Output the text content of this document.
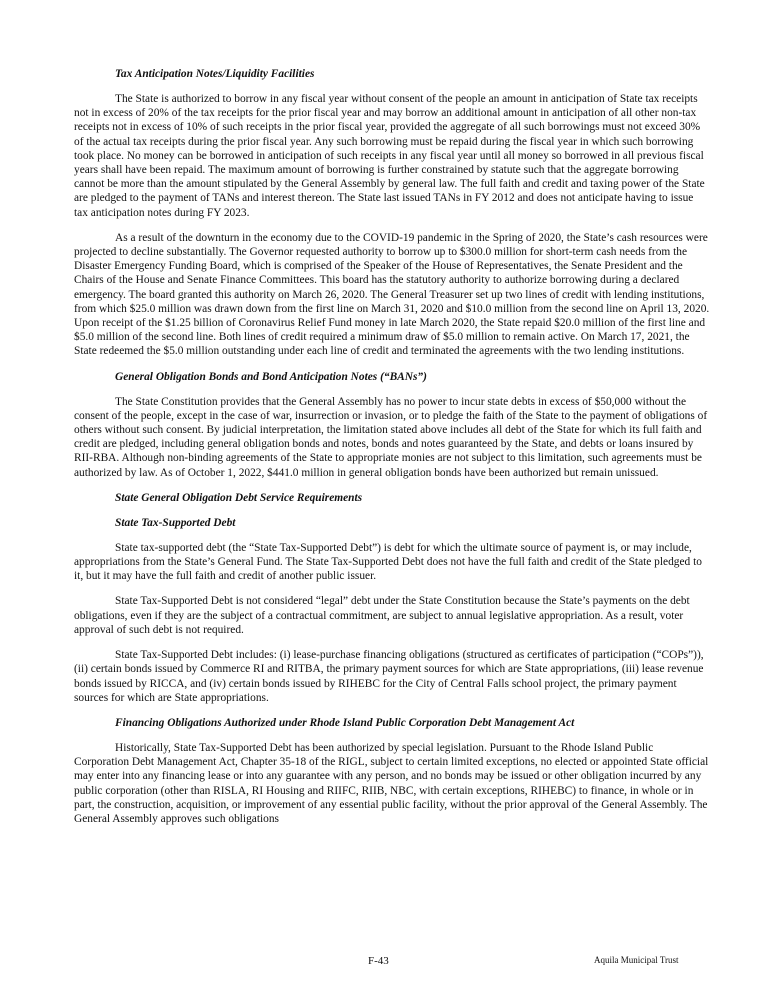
Tax Anticipation Notes/Liquidity Facilities

The State is authorized to borrow in any fiscal year without consent of the people an amount in anticipation of State tax receipts not in excess of 20% of the tax receipts for the prior fiscal year and may borrow an additional amount in anticipation of all other non-tax receipts not in excess of 10% of such receipts in the prior fiscal year, provided the aggregate of all such borrowings must not exceed 30% of the actual tax receipts during the prior fiscal year. Any such borrowing must be repaid during the fiscal year in which such borrowing took place. No money can be borrowed in anticipation of such receipts in any fiscal year until all money so borrowed in all previous fiscal years shall have been repaid. The maximum amount of borrowing is further constrained by statute such that the aggregate borrowing cannot be more than the amount stipulated by the General Assembly by general law. The full faith and credit and taxing power of the State are pledged to the payment of TANs and interest thereon. The State last issued TANs in FY 2012 and does not anticipate having to issue tax anticipation notes during FY 2023.

As a result of the downturn in the economy due to the COVID-19 pandemic in the Spring of 2020, the State’s cash resources were projected to decline substantially. The Governor requested authority to borrow up to $300.0 million for short-term cash needs from the Disaster Emergency Funding Board, which is comprised of the Speaker of the House of Representatives, the Senate President and the Chairs of the House and Senate Finance Committees. This board has the statutory authority to authorize borrowing during a declared emergency. The board granted this authority on March 26, 2020. The General Treasurer set up two lines of credit with lending institutions, from which $25.0 million was drawn down from the first line on March 31, 2020 and $10.0 million from the second line on April 13, 2020. Upon receipt of the $1.25 billion of Coronavirus Relief Fund money in late March 2020, the State repaid $20.0 million of the first line and $5.0 million of the second line. Both lines of credit required a minimum draw of $5.0 million to remain active. On March 17, 2021, the State redeemed the $5.0 million outstanding under each line of credit and terminated the agreements with the two lending institutions.

General Obligation Bonds and Bond Anticipation Notes (“BANs”)

The State Constitution provides that the General Assembly has no power to incur state debts in excess of $50,000 without the consent of the people, except in the case of war, insurrection or invasion, or to pledge the faith of the State to the payment of obligations of others without such consent. By judicial interpretation, the limitation stated above includes all debt of the State for which its full faith and credit are pledged, including general obligation bonds and notes, bonds and notes guaranteed by the State, and debts or loans insured by RII-RBA. Although non-binding agreements of the State to appropriate monies are not subject to this limitation, such agreements must be authorized by law. As of October 1, 2022, $441.0 million in general obligation bonds have been authorized but remain unissued.

State General Obligation Debt Service Requirements
State Tax-Supported Debt

State tax-supported debt (the “State Tax-Supported Debt”) is debt for which the ultimate source of payment is, or may include, appropriations from the State’s General Fund. The State Tax-Supported Debt does not have the full faith and credit of the State pledged to it, but it may have the full faith and credit of another public issuer.

State Tax-Supported Debt is not considered “legal” debt under the State Constitution because the State’s payments on the debt obligations, even if they are the subject of a contractual commitment, are subject to annual legislative appropriation. As a result, voter approval of such debt is not required.

State Tax-Supported Debt includes: (i) lease-purchase financing obligations (structured as certificates of participation (“COPs”)), (ii) certain bonds issued by Commerce RI and RITBA, the primary payment sources for which are State appropriations, (iii) lease revenue bonds issued by RICCA, and (iv) certain bonds issued by RIHEBC for the City of Central Falls school project, the primary payment sources for which are State appropriations.

Financing Obligations Authorized under Rhode Island Public Corporation Debt Management Act

Historically, State Tax-Supported Debt has been authorized by special legislation. Pursuant to the Rhode Island Public Corporation Debt Management Act, Chapter 35-18 of the RIGL, subject to certain limited exceptions, no elected or appointed State official may enter into any financing lease or into any guarantee with any person, and no bonds may be issued or other obligation incurred by any public corporation (other than RISLA, RI Housing and RIIFC, RIIB, NBC, with certain exceptions, RIHEBC) to finance, in whole or in part, the construction, acquisition, or improvement of any essential public facility, without the prior approval of the General Assembly. The General Assembly approves such obligations

F-43	Aquila Municipal Trust
